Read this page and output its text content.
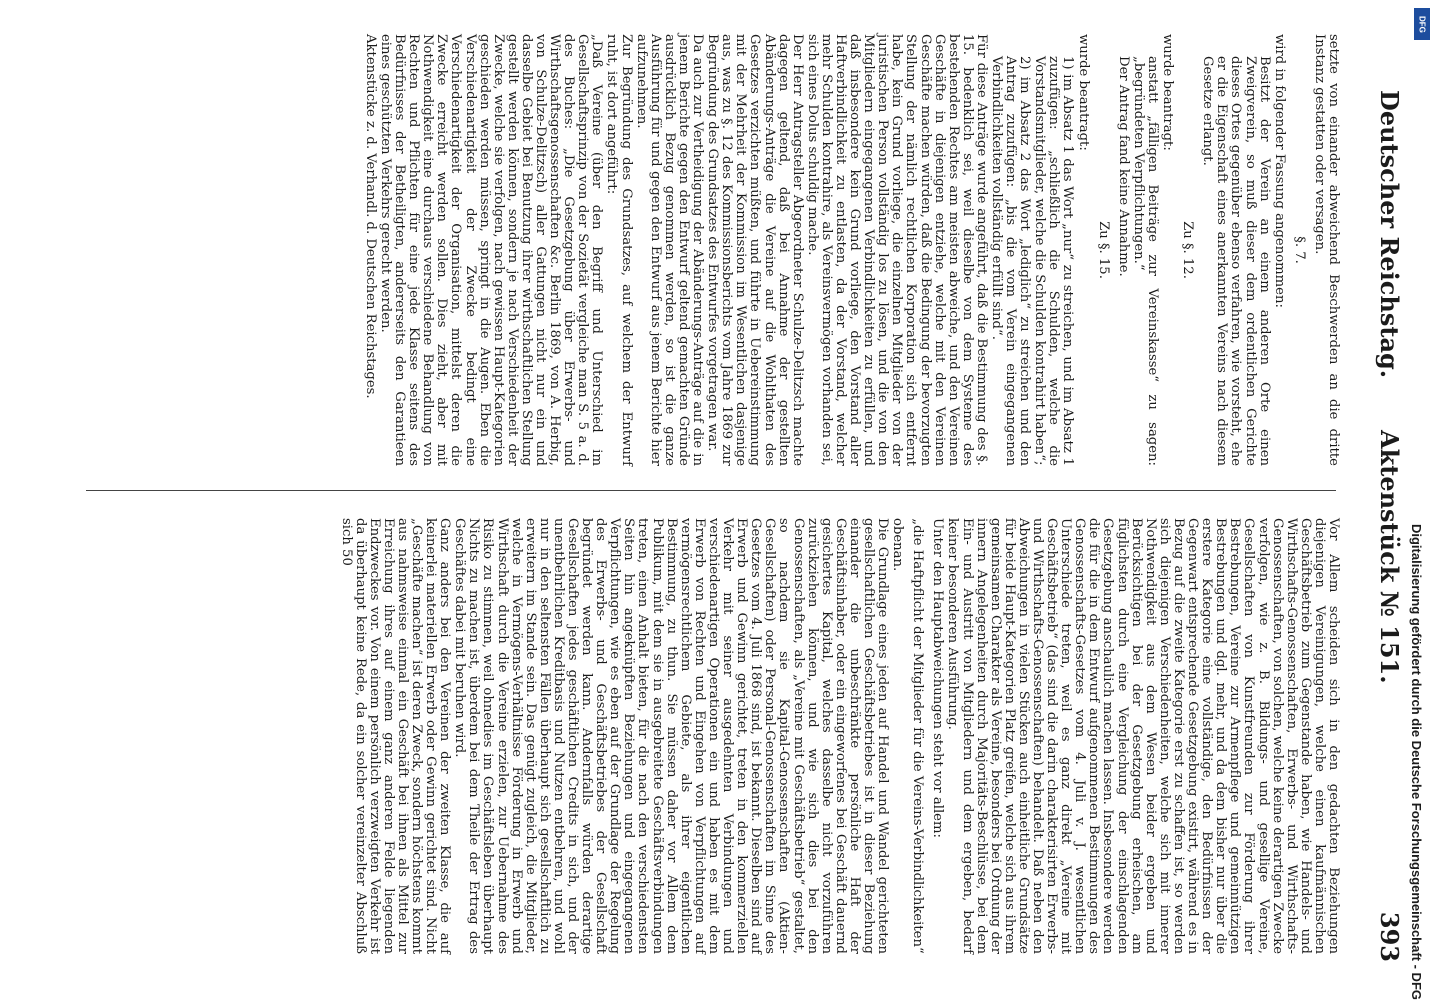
Deutscher Reichstag.
Aktenstück № 151.
393

setzte von einander abweichend Beschwerden an die dritte Instanz gestatten oder versagen.

§. 7.

wird in folgender Fassung angenommen:

Besitzt der Verein an einem anderen Orte einen Zweigverein, so muß dieser dem ordentlichen Gerichte dieses Ortes gegenüber ebenso verfahren, wie vorsteht, ehe er die Eigenschaft eines anerkannten Vereins nach diesem Gesetze erlangt.

Zu §. 12.

wurde beantragt:

anstatt „fälligen Beiträge zur Vereinskasse“ zu sagen: „begründeten Verpflichtungen.“

Der Antrag fand keine Annahme.

Zu §. 15.

wurde beantragt:

1) im Absatz 1 das Wort „nur“ zu streichen, und im Absatz 1 zuzufügen: „schließlich die Schulden, welche die Vorstandsmitglieder, welche die Schulden kontrahirt haben“;

2) im Absatz 2 das Wort „lediglich“ zu streichen und den Antrag zuzufügen: „bis die vom Verein eingegangenen Verbindlichkeiten vollständig erfüllt sind“.

Für diese Anträge wurde angeführt, daß die Bestimmung des §. 15. bedenklich sei, weil dieselbe von dem Systeme des bestehenden Rechtes am meisten abweiche, und den Vereinen Geschäfte in diejenigen entziehe, welche mit den Vereinen Geschäfte machen würden, daß die Bedingung der bevorzugten Stellung der nämlich rechtlichen Korporation sich entfernt habe, kein Grund vorliege, die einzelnen Mitglieder von der juristischen Person vollständig los zu lösen, und die von den Mitgliedern eingegangenen Verbindlichkeiten zu erfüllen, und daß insbesondere kein Grund vorliege, den Vorstand aller Haftverbindlichkeit zu entlasten, da der Vorstand, welcher mehr Schulden kontrahire, als Vereinsvermögen vorhanden sei, sich eines Dolus schuldig mache.

Der Herr Antragsteller Abgeordneter Schulze-Delitzsch machte dagegen geltend, daß bei Annahme der gestellten Abänderungs-Anträge die Vereine auf die Wohlthaten des Gesetzes verzichten müßten, und führte in Uebereinstimmung mit der Mehrheit der Kommission im Wesentlichen dasjenige aus, was zu §. 12 des Kommissionsberichts vom Jahre 1869 zur Begründung des Grundsatzes des Entwurfes vorgetragen war.

Da auch zur Vertheidigung der Abänderungs-Anträge auf die in jenem Berichte gegen den Entwurf geltend gemachten Gründe ausdrücklich Bezug genommen werden, so ist die ganze Ausführung für und gegen den Entwurf aus jenem Berichte hier aufzunehmen.

Zur Begründung des Grundsatzes, auf welchem der Entwurf ruht, ist dort angeführt:

„Daß Vereine (über den Begriff und Unterschied im Gesellschaftsprinzip von der Sozietät vergleiche man S. 5 a. d. des Buches: „Die Gesetzgebung über Erwerbs- und Wirthschaftsgenossenschaften &c. Berlin 1869, von A. Herbig, von Schulze-Delitzsch) aller Gattungen nicht nur ein und dasselbe Gebiet bei Benutzung ihrer wirthschaftlichen Stellung gestellt werden können, sondern je nach Verschiedenheit der Zwecke, welche sie verfolgen, nach gewissen Haupt-Kategorien geschieden werden müssen, springt in die Augen. Eben die Verschiedenartigkeit der Zwecke bedingt eine Verschiedenartigkeit der Organisation, mittelst deren die Zwecke erreicht werden sollen. Dies zieht, aber mit Nothwendigkeit eine durchaus verschiedene Behandlung von Rechten und Pflichten für eine jede Klasse seitens des Bedürfnisses der Betheiligten, andererseits den Garantieen eines geschützten Verkehrs gerecht werden.

Aktenstücke z. d. Verhandl. d. Deutschen Reichstages.

Vor Allem scheiden sich in den gedachten Beziehungen diejenigen Vereinigungen, welche einen kaufmännischen Geschäftsbetrieb zum Gegenstande haben, wie Handels- und Wirthschafts-Genossenschaften, Erwerbs- und Wirthschafts-Genossenschaften, von solchen, welche keine derartigen Zwecke verfolgen, wie z. B. Bildungs- und gesellige Vereine, Gesellschaften von Kunstfreunden zur Förderung ihrer Bestrebungen, Vereine zur Armenpflege und gemeinnützigen Bestrebungen und dgl. mehr, und da dem bisher nur über die erstere Kategorie eine vollständige, den Bedürfnissen der Gegenwart entsprechende Gesetzgebung existirt, während es in Bezug auf die zweite Kategorie erst zu schaffen ist, so werden sich diejenigen Verschiedenheiten, welche sich mit innerer Nothwendigkeit aus dem Wesen beider ergeben und Berücksichtigen bei der Gesetzgebung erheischen, am füglichsten durch eine Vergleichung der einschlagenden Gesetzgebung anschaulich machen lassen. Insbesondere werden die für die in dem Entwurf aufgenommenen Bestimmungen des Genossenschafts-Gesetzes vom 4. Juli v. J. wesentlichen Unterschiede treten, weil es ganz direkt „Vereine mit Geschäftsbetrieb“ (das sind die darin charakterisirten Erwerbs- und Wirthschafts-Genossenschaften) behandelt. Daß neben den Abweichungen in vielen Stücken auch einheitliche Grundsätze für beide Haupt-Kategorien Platz greifen, welche sich aus ihrem gemeinsamen Charakter als Vereine, besonders bei Ordnung der innern Angelegenheiten durch Majoritäts-Beschlüsse, bei dem Ein- und Austritt von Mitgliedern und dem ergeben, bedarf keiner besonderen Ausführung.

Unter den Hauptabweichungen steht vor allem:

„die Haftpflicht der Mitglieder für die Vereins-Verbindlichkeiten“

obenan.

Die Grundlage eines jeden auf Handel und Wandel gerichteten gesellschaftlichen Geschäftsbetriebes ist in dieser Beziehung einander die unbeschränkte persönliche Haft der Geschäftsinhaber, oder ein eingeworfenes bei Geschäft dauernd gesichertes Kapital, welches dasselbe nicht vorzuführen zurückziehen können, und wie sich dies bei den Genossenschaften, als „Vereine mit Geschäftsbetrieb“ gestaltet, so nachdem sie Kapital-Genossenschaften (Aktien-Gesellschaften) oder Personal-Genossenschaften im Sinne des Gesetzes vom 4. Juli 1868 sind, ist bekannt. Dieselben sind auf Erwerb und Gewinn gerichtet, treten in den kommerziellen Verkehr mit seiner ausgedehnten Verbindungen und verschiedenartigen Operationen ein und haben es mit dem Erwerb von Rechten und Eingehen von Verpflichtungen auf vermögensrechtlichem Gebiete, als ihrer eigentlichen Bestimmung, zu thun. Sie müssen daher vor Allem dem Publikum, mit dem sie in ausgebreitete Geschäftsverbindungen treten, einen Anhalt bieten, für die nach den verschiedensten Seiten hin angeknüpften Beziehungen und eingegangenen Verpflichtungen, wie es eben auf der Grundlage der Regelung des Erwerbs- und Geschäftsbetriebes der Gesellschaft begründet werden kann. Andernfalls würden derartige Gesellschaften jedes geschäftlichen Credits in sich, und der unentbehrlichen Kreditbasis und Nutzen entbehren, und wohl nur in den seltensten Fällen überhaupt sich gesellschaftlich zu erweitern im Stande sein. Das genügt zugleich, die Mitglieder, welche in Vermögens-Verhältnisse Förderung in Erwerb und Wirthschaft durch die Vereine erzielen, zur Uebernahme des Risiko zu stimmen, weil ohnedies im Geschäftsleben überhaupt Nichts zu machen ist, überdem bei dem Theile der Ertrag des Geschäftes dabei mit beruhen wird.

Ganz anders bei den Vereinen der zweiten Klasse, die auf keinerlei materiellen Erwerb oder Gewinn gerichtet sind. Nicht „Geschäfte machen“ ist deren Zweck, sondern höchstens kommt aus nahmsweise einmal ein Geschäft bei ihnen als Mittel zur Erreichung ihres auf einem ganz anderen Felde liegenden Endzweckes vor. Von einem persönlich verzweigten Verkehr ist da überhaupt keine Rede, da ein solcher vereinzelter Abschluß sich 50	Digitalisierung gefördert durch die Deutsche Forschungsgemeinschaft - DFG
DFG
